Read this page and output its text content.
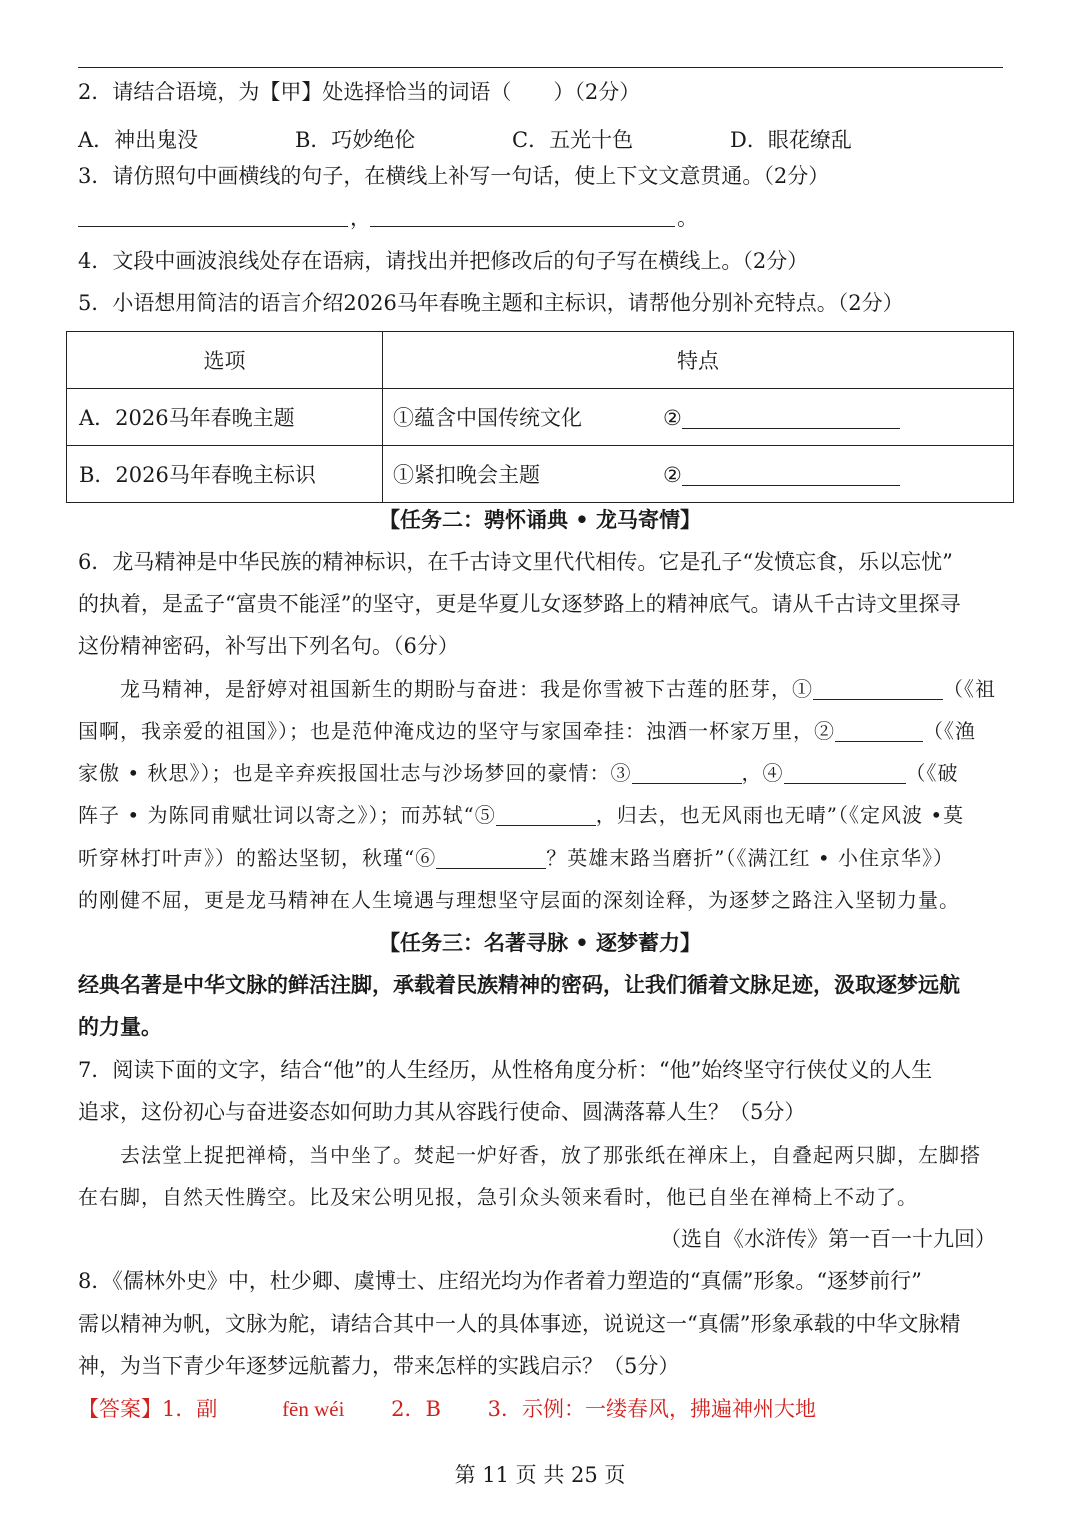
2．请结合语境，为【甲】处选择恰当的词语（　　）（2分）
A．神出鬼没	B．巧妙绝伦	C．五光十色	D．眼花缭乱
3．请仿照句中画横线的句子，在横线上补写一句话，使上下文文意贯通。（2分）
，	。
4．文段中画波浪线处存在语病，请找出并把修改后的句子写在横线上。（2分）
5．小语想用简洁的语言介绍2026马年春晚主题和主标识，请帮他分别补充特点。（2分）
选项	特点
A．2026马年春晚主题	①蕴含中国传统文化 ②
B．2026马年春晚主标识	①紧扣晚会主题 ②
【任务二：骋怀诵典 • 龙马寄情】
6．龙马精神是中华民族的精神标识，在千古诗文里代代相传。它是孔子“发愤忘食，乐以忘忧”
的执着，是孟子“富贵不能淫”的坚守，更是华夏儿女逐梦路上的精神底气。请从千古诗文里探寻
这份精神密码，补写出下列名句。（6分）
龙马精神，是舒婷对祖国新生的期盼与奋进：我是你雪被下古莲的胚芽，①	（《祖
国啊，我亲爱的祖国》）；也是范仲淹戍边的坚守与家国牵挂：浊酒一杯家万里，②	（《渔
家傲 • 秋思》）；也是辛弃疾报国壮志与沙场梦回的豪情：③	，④	（《破
阵子 • 为陈同甫赋壮词以寄之》）；而苏轼“⑤	，归去，也无风雨也无晴”（《定风波 •莫
听穿林打叶声》）的豁达坚韧，秋瑾“⑥	？英雄末路当磨折”（《满江红 • 小住京华》）
的刚健不屈，更是龙马精神在人生境遇与理想坚守层面的深刻诠释，为逐梦之路注入坚韧力量。
【任务三：名著寻脉 • 逐梦蓄力】
经典名著是中华文脉的鲜活注脚，承载着民族精神的密码，让我们循着文脉足迹，汲取逐梦远航
的力量。
7．阅读下面的文字，结合“他”的人生经历，从性格角度分析：“他”始终坚守行侠仗义的人生
追求，这份初心与奋进姿态如何助力其从容践行使命、圆满落幕人生？（5分）
去法堂上捉把禅椅，当中坐了。焚起一炉好香，放了那张纸在禅床上，自叠起两只脚，左脚搭
在右脚，自然天性腾空。比及宋公明见报，急引众头领来看时，他已自坐在禅椅上不动了。
（选自《水浒传》第一百一十九回）
8．《儒林外史》中，杜少卿、虞博士、庄绍光均为作者着力塑造的“真儒”形象。“逐梦前行”
需以精神为帆，文脉为舵，请结合其中一人的具体事迹，说说这一“真儒”形象承载的中华文脉精
神，为当下青少年逐梦远航蓄力，带来怎样的实践启示？（5分）
【答案】1．副	fēn wéi 2．B 3．示例：一缕春风，拂遍神州大地
第 11 页 共 25 页
